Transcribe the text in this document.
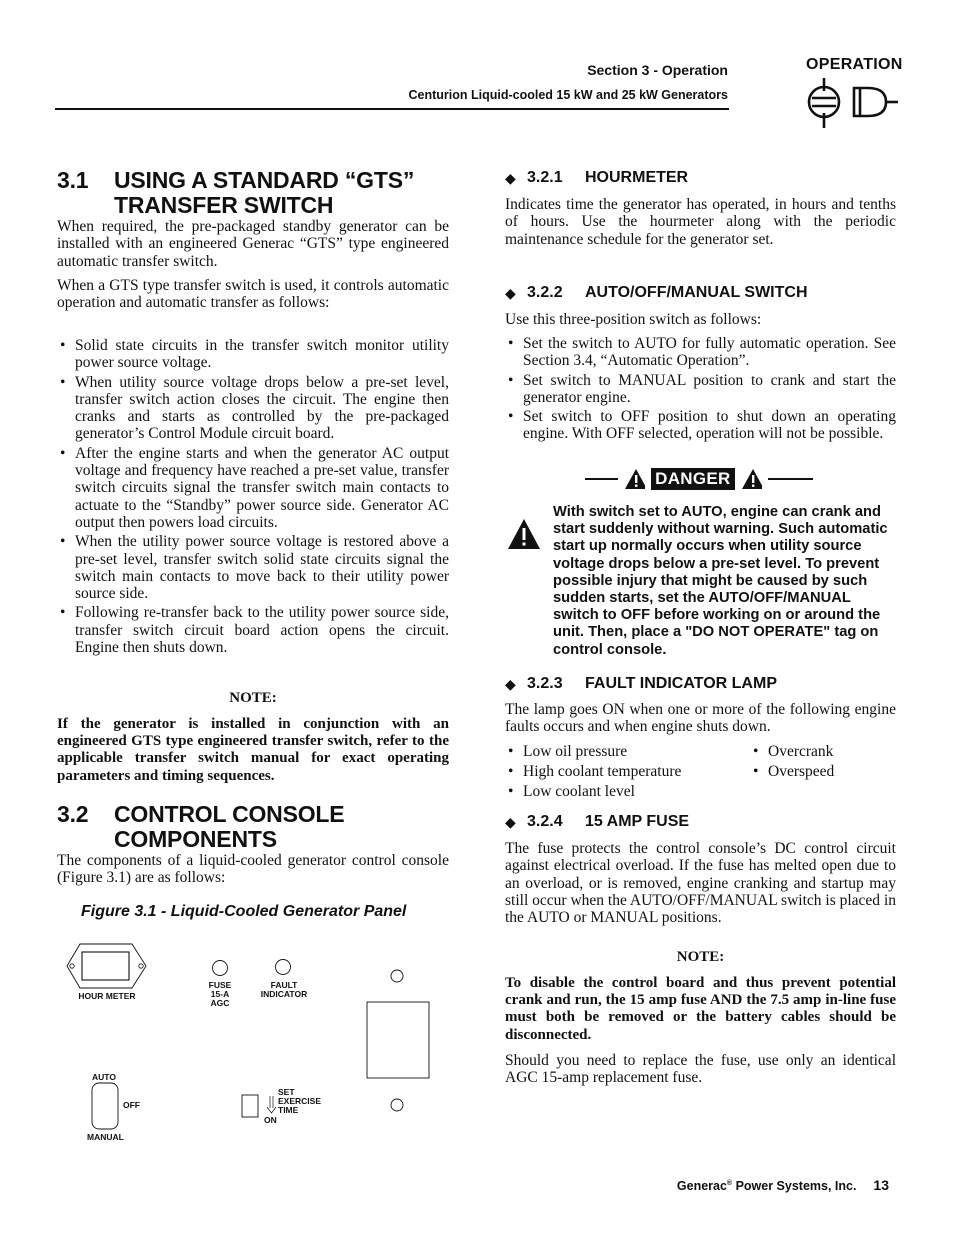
Section 3 - Operation
Centurion Liquid-cooled 15 kW and 25 kW Generators
OPERATION
3.1	USING A STANDARD “GTS” TRANSFER SWITCH

When required, the pre-packaged standby generator can be installed with an engineered Generac “GTS” type engineered automatic transfer switch.

When a GTS type transfer switch is used, it controls automatic operation and automatic transfer as follows:

• Solid state circuits in the transfer switch monitor utility power source voltage.
• When utility source voltage drops below a pre-set level, transfer switch action closes the circuit. The engine then cranks and starts as controlled by the pre-packaged generator’s Control Module circuit board.
• After the engine starts and when the generator AC output voltage and frequency have reached a pre-set value, transfer switch circuits signal the transfer switch main contacts to actuate to the “Standby” power source side. Generator AC output then powers load circuits.
• When the utility power source voltage is restored above a pre-set level, transfer switch solid state circuits signal the switch main contacts to move back to their utility power source side.
• Following re-transfer back to the utility power source side, transfer switch circuit board action opens the circuit. Engine then shuts down.
NOTE:
If the generator is installed in conjunction with an engineered GTS type engineered transfer switch, refer to the applicable transfer switch manual for exact operating parameters and timing sequences.
3.2	CONTROL CONSOLE COMPONENTS

The components of a liquid-cooled generator control console (Figure 3.1) are as follows:

Figure 3.1 - Liquid-Cooled Generator Panel
HOUR METER
FUSE
15-A
AGC
FAULT
INDICATOR
AUTO
OFF
MANUAL
SET
EXERCISE
TIME
ON
◆ 3.2.1	HOURMETER

Indicates time the generator has operated, in hours and tenths of hours. Use the hourmeter along with the periodic maintenance schedule for the generator set.

◆ 3.2.2	AUTO/OFF/MANUAL SWITCH

Use this three-position switch as follows:

• Set the switch to AUTO for fully automatic operation. See Section 3.4, “Automatic Operation”.
• Set switch to MANUAL position to crank and start the generator engine.
• Set switch to OFF position to shut down an operating engine. With OFF selected, operation will not be possible.
DANGER
With switch set to AUTO, engine can crank and start suddenly without warning. Such automatic start up normally occurs when utility source voltage drops below a pre-set level. To prevent possible injury that might be caused by such sudden starts, set the AUTO/OFF/MANUAL switch to OFF before working on or around the unit. Then, place a "DO NOT OPERATE" tag on control console.
◆ 3.2.3	FAULT INDICATOR LAMP

The lamp goes ON when one or more of the following engine faults occurs and when engine shuts down.

• Low oil pressure
• High coolant temperature
• Low coolant level
• Overcrank
• Overspeed
◆ 3.2.4	15 AMP FUSE

The fuse protects the control console’s DC control circuit against electrical overload. If the fuse has melted open due to an overload, or is removed, engine cranking and startup may still occur when the AUTO/OFF/MANUAL switch is placed in the AUTO or MANUAL positions.

NOTE:
To disable the control board and thus prevent potential crank and run, the 15 amp fuse AND the 7.5 amp in-line fuse must both be removed or the battery cables should be disconnected.

Should you need to replace the fuse, use only an identical AGC 15-amp replacement fuse.

Generac® Power Systems, Inc. 13
